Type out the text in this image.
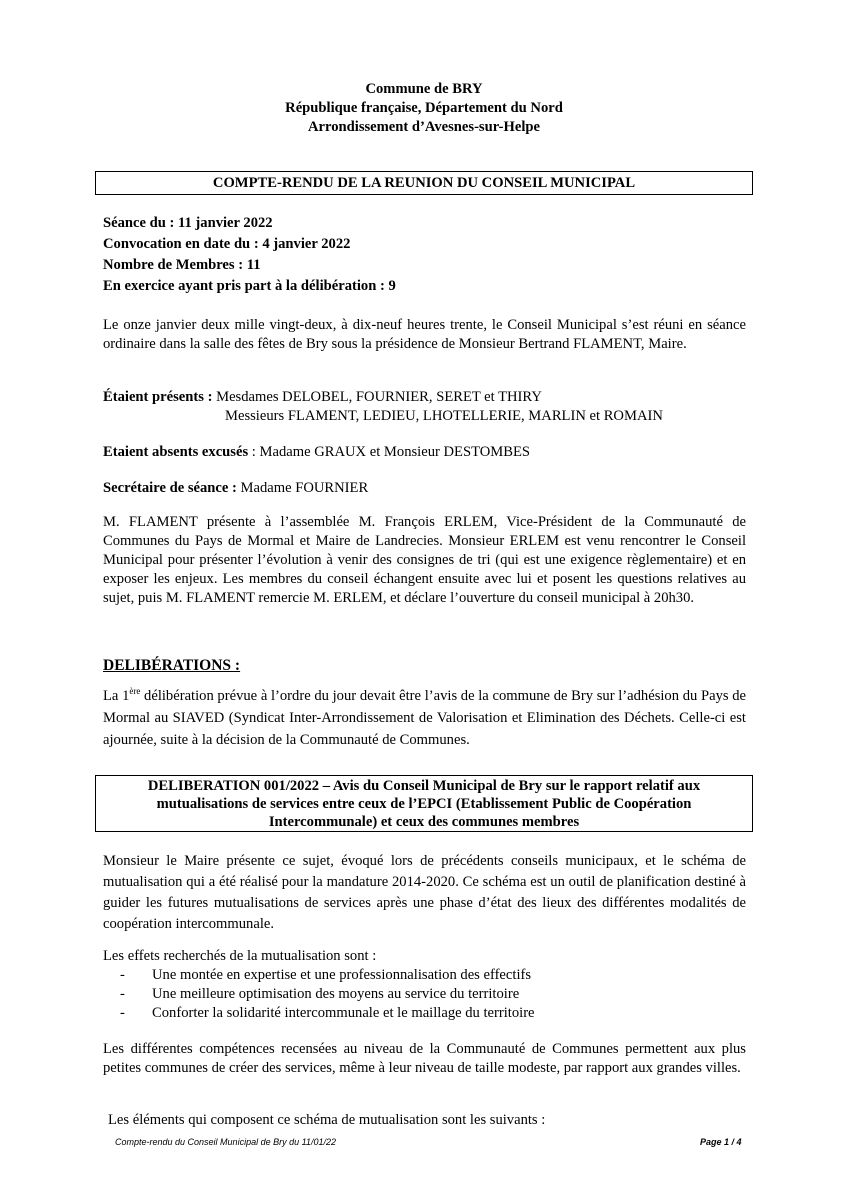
Commune de BRY
République française, Département du Nord
Arrondissement d’Avesnes-sur-Helpe
COMPTE-RENDU DE LA REUNION DU CONSEIL MUNICIPAL
Séance du : 11 janvier 2022
Convocation en date du : 4 janvier 2022
Nombre de Membres : 11
En exercice ayant pris part à la délibération : 9
Le onze janvier deux mille vingt-deux, à dix-neuf heures trente, le Conseil Municipal s’est réuni en séance ordinaire dans la salle des fêtes de Bry sous la présidence de Monsieur Bertrand FLAMENT, Maire.
Étaient présents : Mesdames DELOBEL, FOURNIER, SERET et THIRY
Messieurs FLAMENT, LEDIEU, LHOTELLERIE, MARLIN et ROMAIN
Etaient absents excusés : Madame GRAUX et Monsieur DESTOMBES
Secrétaire de séance : Madame FOURNIER
M. FLAMENT présente à l’assemblée M. François ERLEM, Vice-Président de la Communauté de Communes du Pays de Mormal et Maire de Landrecies. Monsieur ERLEM est venu rencontrer le Conseil Municipal pour présenter l’évolution à venir des consignes de tri (qui est une exigence règlementaire) et en exposer les enjeux. Les membres du conseil échangent ensuite avec lui et posent les questions relatives au sujet, puis M. FLAMENT remercie M. ERLEM, et déclare l’ouverture du conseil municipal à 20h30.
DELIBÉRATIONS :
La 1ère délibération prévue à l’ordre du jour devait être l’avis de la commune de Bry sur l’adhésion du Pays de Mormal au SIAVED (Syndicat Inter-Arrondissement de Valorisation et Elimination des Déchets. Celle-ci est ajournée, suite à la décision de la Communauté de Communes.
DELIBERATION 001/2022 – Avis du Conseil Municipal de Bry sur le rapport relatif aux
mutualisations de services entre ceux de l’EPCI (Etablissement Public de Coopération
Intercommunale) et ceux des communes membres
Monsieur le Maire présente ce sujet, évoqué lors de précédents conseils municipaux, et le schéma de mutualisation qui a été réalisé pour la mandature 2014-2020. Ce schéma est un outil de planification destiné à guider les futures mutualisations de services après une phase d’état des lieux des différentes modalités de coopération intercommunale.
Les effets recherchés de la mutualisation sont :
- Une montée en expertise et une professionnalisation des effectifs
- Une meilleure optimisation des moyens au service du territoire
- Conforter la solidarité intercommunale et le maillage du territoire
Les différentes compétences recensées au niveau de la Communauté de Communes permettent aux plus petites communes de créer des services, même à leur niveau de taille modeste, par rapport aux grandes villes.
Les éléments qui composent ce schéma de mutualisation sont les suivants :
Compte-rendu du Conseil Municipal de Bry du 11/01/22	Page 1 / 4
